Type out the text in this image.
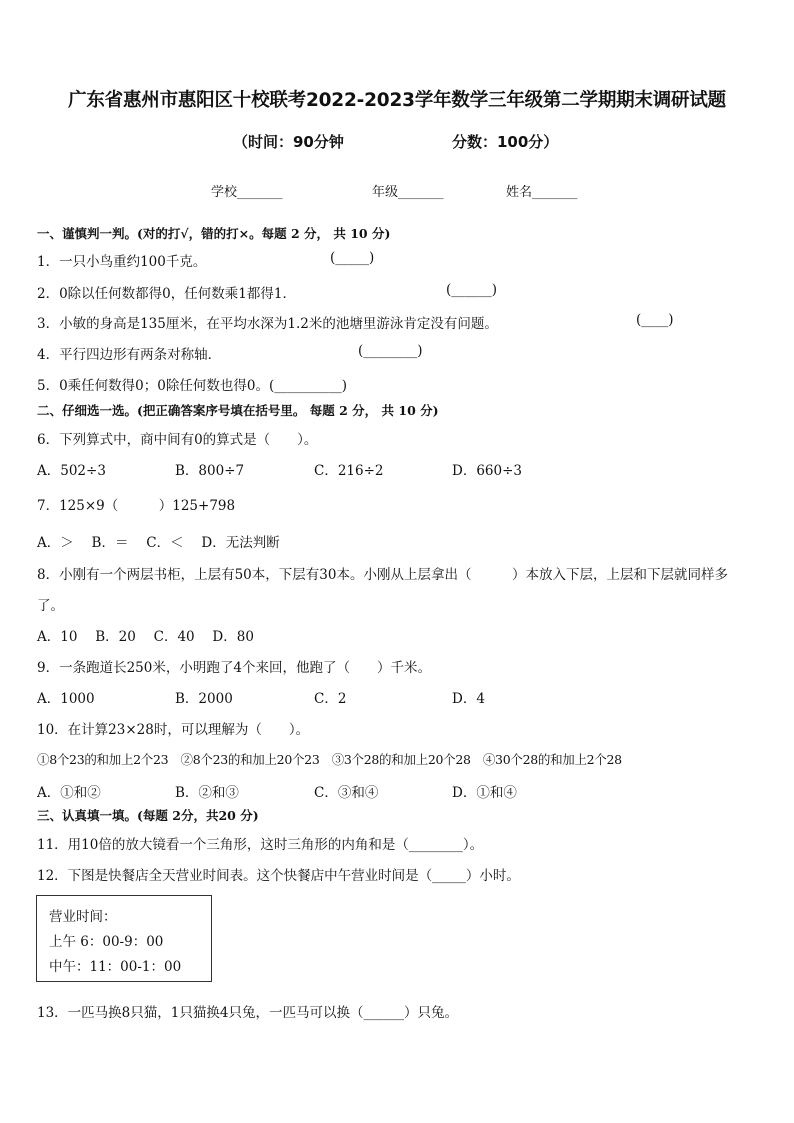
广东省惠州市惠阳区十校联考2022-2023学年数学三年级第二学期期末调研试题
（时间：90分钟	分数：100分）
学校_______	年级_______	姓名_______
一、谨慎判一判。(对的打√，错的打×。每题 2 分， 共 10 分)
1．一只小鸟重约100千克。	(_____)
2．0除以任何数都得0，任何数乘1都得1．	(______)
3．小敏的身高是135厘米，在平均水深为1.2米的池塘里游泳肯定没有问题。	(____)
4．平行四边形有两条对称轴．	(________)
5．0乘任何数得0；0除任何数也得0。(__________)
二、仔细选一选。(把正确答案序号填在括号里。 每题 2 分， 共 10 分)
6．下列算式中，商中间有0的算式是（　　）。
A．502÷3	B．800÷7	C．216÷2	D．660÷3
7．125×9（　　　）125+798
A．＞　 B．＝　 C．＜　 D．无法判断
8．小刚有一个两层书柜，上层有50本，下层有30本。小刚从上层拿出（　　　）本放入下层，上层和下层就同样多
了。
A．10　 B．20　 C．40　 D．80
9．一条跑道长250米，小明跑了4个来回，他跑了（　　）千米。
A．1000	B．2000	C．2	D．4
10．在计算23×28时，可以理解为（　　）。
①8个23的和加上2个23　②8个23的和加上20个23　③3个28的和加上20个28　④30个28的和加上2个28
A．①和②	B．②和③	C．③和④	D．①和④
三、认真填一填。(每题 2分，共20 分)
11．用10倍的放大镜看一个三角形，这时三角形的内角和是（________）。
12．下图是快餐店全天营业时间表。这个快餐店中午营业时间是（_____）小时。
营业时间：
上午 6：00-9：00
中午：11：00-1：00
13．一匹马换8只猫，1只猫换4只兔，一匹马可以换（______）只兔。
